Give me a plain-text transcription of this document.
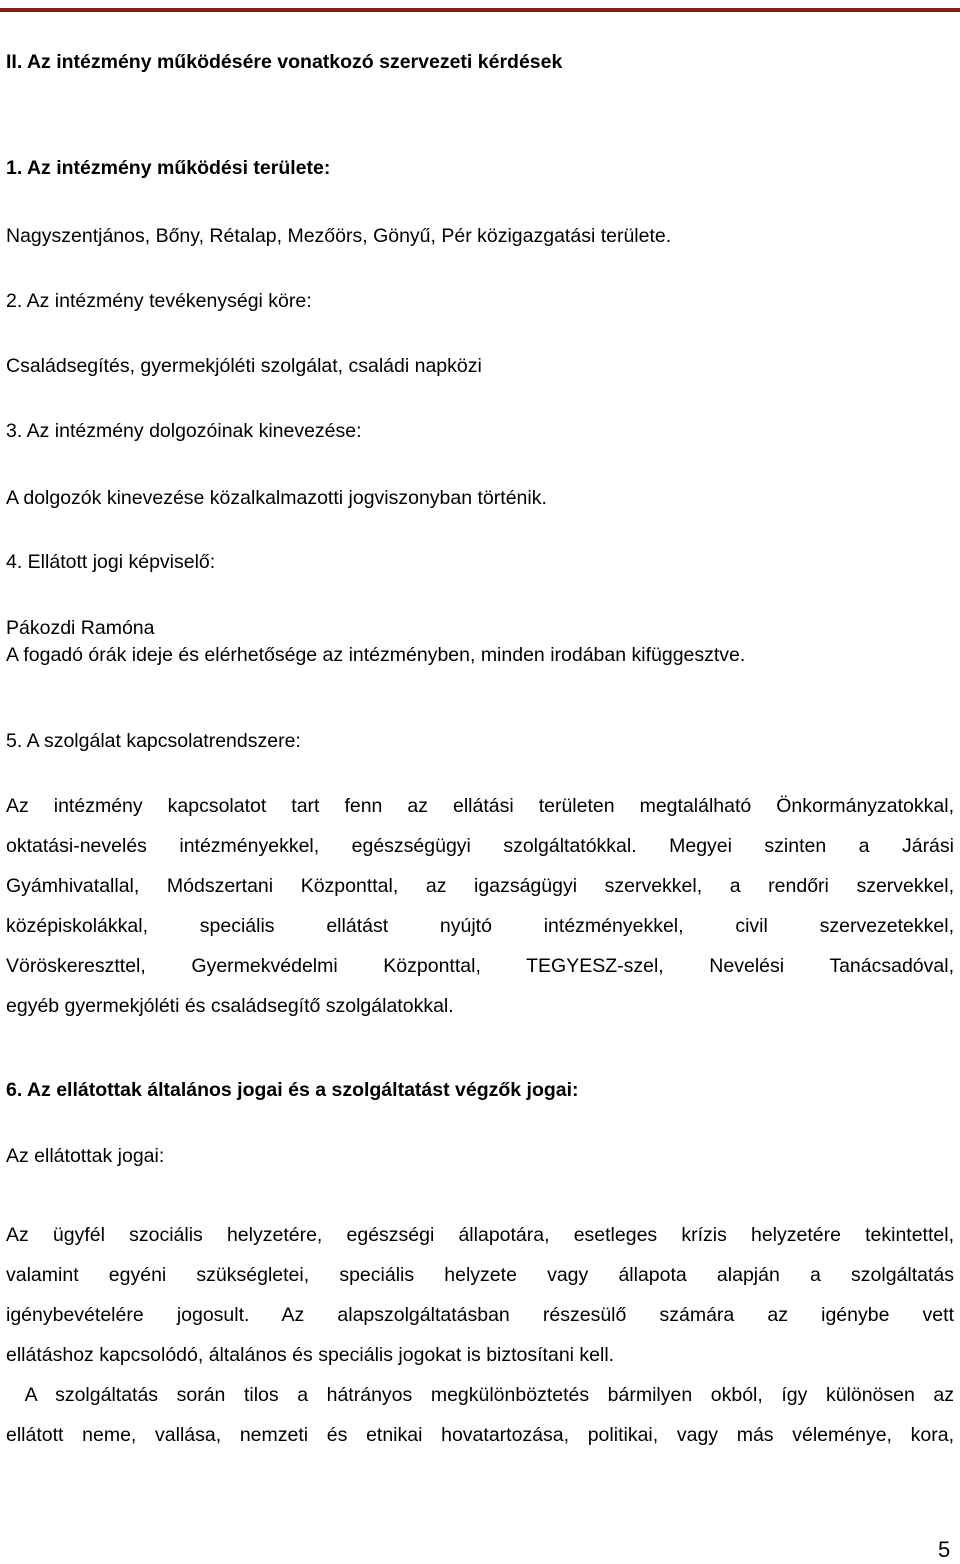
II. Az intézmény működésére vonatkozó szervezeti kérdések
1. Az intézmény működési területe:
Nagyszentjános, Bőny, Rétalap, Mezőörs, Gönyű, Pér közigazgatási területe.
2. Az intézmény tevékenységi köre:
Családsegítés, gyermekjóléti szolgálat, családi napközi
3. Az intézmény dolgozóinak kinevezése:
A dolgozók kinevezése közalkalmazotti jogviszonyban történik.
4. Ellátott jogi képviselő:
Pákozdi Ramóna
A fogadó órák ideje és elérhetősége az intézményben, minden irodában kifüggesztve.
5. A szolgálat kapcsolatrendszere:
Az intézmény kapcsolatot tart fenn az ellátási területen megtalálható Önkormányzatokkal,
oktatási-nevelés intézményekkel, egészségügyi szolgáltatókkal. Megyei szinten a Járási
Gyámhivatallal, Módszertani Központtal, az igazságügyi szervekkel, a rendőri szervekkel,
középiskolákkal, speciális ellátást nyújtó intézményekkel, civil szervezetekkel,
Vöröskereszttel, Gyermekvédelmi Központtal, TEGYESZ-szel, Nevelési Tanácsadóval,
egyéb gyermekjóléti és családsegítő szolgálatokkal.
6. Az ellátottak általános jogai és a szolgáltatást végzők jogai:
Az ellátottak jogai:
Az ügyfél szociális helyzetére, egészségi állapotára, esetleges krízis helyzetére tekintettel,
valamint egyéni szükségletei, speciális helyzete vagy állapota alapján a szolgáltatás
igénybevételére jogosult. Az alapszolgáltatásban részesülő számára az igénybe vett
ellátáshoz kapcsolódó, általános és speciális jogokat is biztosítani kell.
A szolgáltatás során tilos a hátrányos megkülönböztetés bármilyen okból, így különösen az
ellátott neme, vallása, nemzeti és etnikai hovatartozása, politikai, vagy más véleménye, kora,
5
